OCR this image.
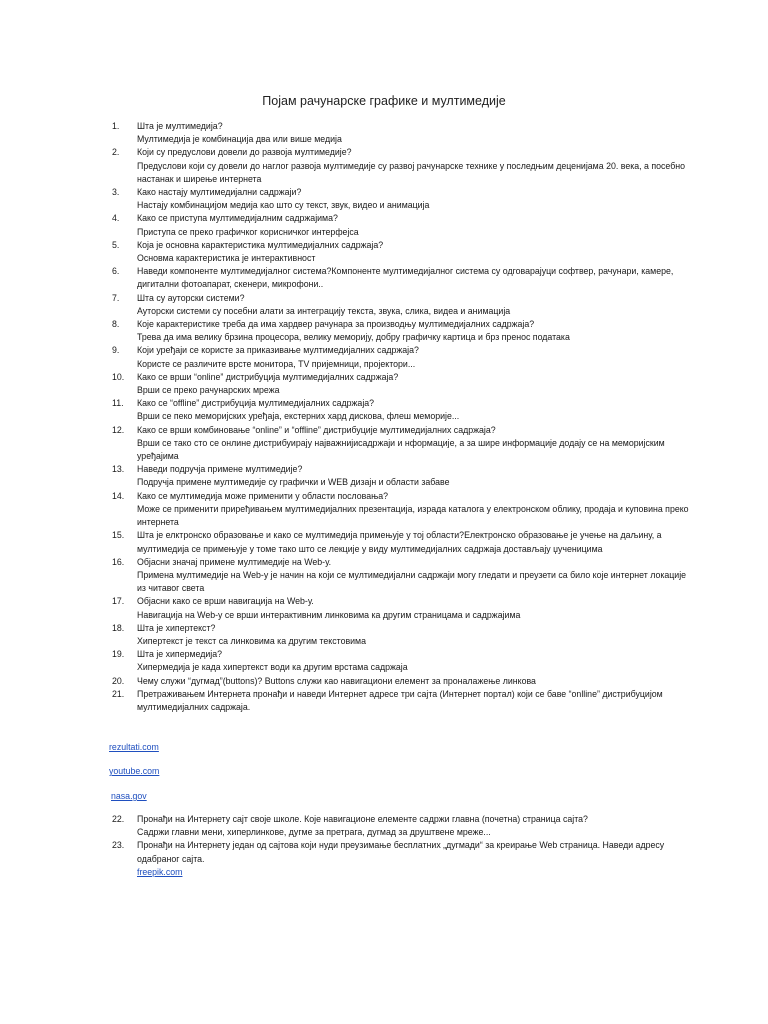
Појам рачунарске графике и мултимедије
1.	Шта је мултимедија?
Мултимедија је комбинација два или више медија
2.	Који су предуслови довели до развоја мултимедије?
Предуслови који су довели до наглог развоја мултимедије су развој рачунарске технике у последњим деценијама 20. века, а посебно настанак и ширење интернета
3.	Како настају мултимедијални садржаји?
Настају комбинацијом медија као што су текст, звук, видео и анимација
4.	Како се приступа мултимедијалним садржајима?
Приступа се преко графичког корисничког интерфејса
5.	Која је основна карактеристика мултимедијалних садржаја?
Основма карактеристика је интерактивност
6.	Наведи компоненте мултимедијалног система?Компоненте мултимедијалног система су одговарајуци софтвер, рачунари, камере, дигитални фотоапарат, скенери, микрофони..
7.	Шта су ауторски системи?
Ауторски системи су посебни алати за интеграцију текста, звука, слика, видеа и анимација
8.	Које карактеристике треба да има хардвер рачунара за производњу мултимедијалних садржаја?
Трева да има велику брзина процесора, велику меморију, добру графичку картица и брз пренос података
9.	Који уређаји се користе за приказивање мултимедијалних садржаја?
Користе се различите врсте монитора, TV пријемници, пројектори...
10.	Како се врши “online” дистрибуција мултимедијалних садржаја?
Врши се преко рачунарских мрежа
11.	Како се “offline” дистрибуција мултимедијалних садржаја?
Врши се пеко меморијских уређаја, екстерних хард дискова, флеш меморије...
12.	Како се врши комбиновање “online” и “offline” дистрибуције мултимедијалних садржаја?
Врши се тако сто се онлине дистрибуирају најважнијисадржаји и нформације, а за шире информације додају се на меморијским уређајима
13.	Наведи подручја примене мултимедије?
Подручја примене мултимедије су графички и WEB дизајн и области забаве
14.	Како се мултимедија може применити у области пословања?
Може се применити приређивањем мултимедијалних презентација, израда каталога у електронском облику, продаја и куповина преко интернета
15.	Шта је елктронско образовање и како се мултимедија примењује у тој области?Електронско образовање је учење на даљину, а мултимедија се примењује у томе тако што се лекције у виду мултимедијалних садржаја достављају џученицима
16.	Објасни значај примене мултимедије на Web-у.
Примена мултимедије на Web-у је начин на који се мултимедијални садржаји могу гледати и преузети са било које интернет локације из читавог света
17.	Објасни како се врши навигација на Web-у.
Навигација на Web-у се врши интерактивним линковима ка другим страницама и садржајима
18.	Шта је хипертекст?
Хипертекст је текст са линковима ка другим текстовима
19.	Шта је хипермедија?
Хипермедија је када хипертекст води ка другим врстама садржаја
20.	Чему служи “дугмад”(buttons)? Buttons служи као навигациони елемент за проналажење линкова
21.	Претраживањем Интернета пронађи и наведи Интернет адресе три сајта (Интернет портал) који се баве “onlline” дистрибуцијом мултимедијалних садржаја.
rezultati.com
youtube.com
nasa.gov
22.	Пронађи на Интернету сајт своје школе. Које навигационе елементе садржи главна (почетна) страница сајта?
Садржи главни мени, хиперлинкове, дугме за претрага, дугмад за друштвене мреже...
23.	Пронађи на Интернету један од сајтова који нуди преузимање бесплатних „дугмади“ за креирање Web страница. Наведи адресу одабраног сајта.
freepik.com
